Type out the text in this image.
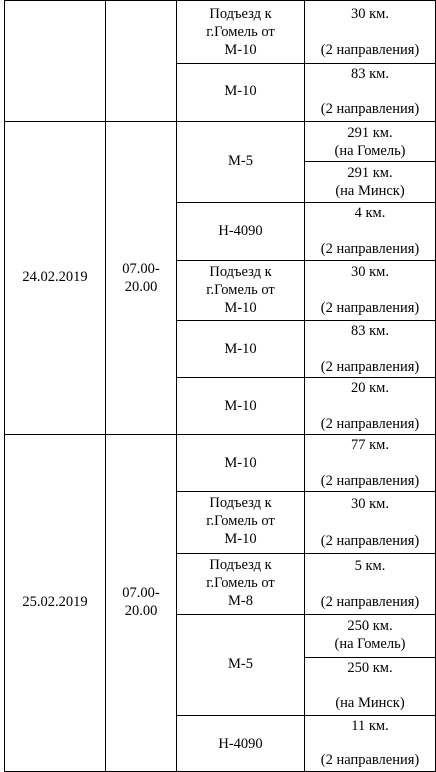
Подъезд к
г.Гомель от
М-10
30 км.
(2 направления)
М-10
83 км.
(2 направления)
24.02.2019	07.00-
20.00
М-5
291 км.
(на Гомель)
291 км.
(на Минск)
Н-4090
4 км.
(2 направления)
Подъезд к
г.Гомель от
М-10
30 км.
(2 направления)
М-10
83 км.
(2 направления)
М-10
20 км.
(2 направления)
25.02.2019
07.00-
20.00
М-10
77 км.
(2 направления)
Подъезд к
г.Гомель от
М-10
30 км.
(2 направления)
Подъезд к
г.Гомель от
М-8
5 км.
(2 направления)
М-5
250 км.
(на Гомель)
250 км.
(на Минск)
Н-4090
11 км.
(2 направления)
